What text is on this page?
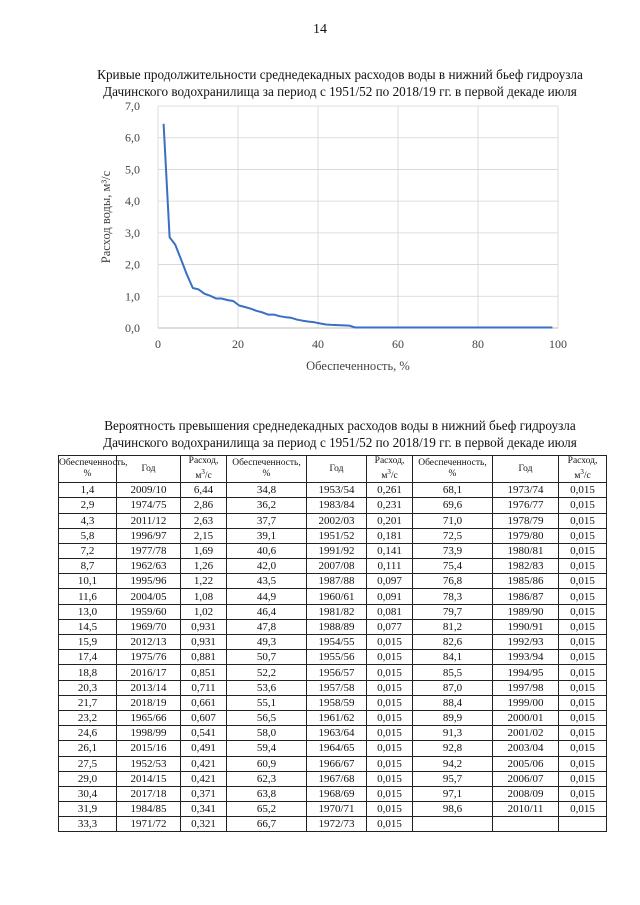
14
Кривые продолжительности среднедекадных расходов воды в нижний бьеф гидроузла
Дачинского водохранилища за период с 1951/52 по 2018/19 гг. в первой декаде июля
0	20	40	60	80	100
0,0
1,0
2,0
3,0
4,0
5,0
6,0
7,0
Обеспеченность, %
Расход воды, м³/с
Вероятность превышения среднедекадных расходов воды в нижний бьеф гидроузла
Дачинского водохранилища за период с 1951/52 по 2018/19 гг. в первой декаде июля
Обеспеченность,
%	Год	Расход,
$м^3/с$	Обеспеченность,
%	Год	Расход,
$м^3/с$	Обеспеченность,
%	Год	Расход,
$м^3/с$
1,4	2009/10	6,44	34,8	1953/54	0,261	68,1	1973/74	0,015
2,9	1974/75	2,86	36,2	1983/84	0,231	69,6	1976/77	0,015
4,3	2011/12	2,63	37,7	2002/03	0,201	71,0	1978/79	0,015
5,8	1996/97	2,15	39,1	1951/52	0,181	72,5	1979/80	0,015
7,2	1977/78	1,69	40,6	1991/92	0,141	73,9	1980/81	0,015
8,7	1962/63	1,26	42,0	2007/08	0,111	75,4	1982/83	0,015
10,1	1995/96	1,22	43,5	1987/88	0,097	76,8	1985/86	0,015
11,6	2004/05	1,08	44,9	1960/61	0,091	78,3	1986/87	0,015
13,0	1959/60	1,02	46,4	1981/82	0,081	79,7	1989/90	0,015
14,5	1969/70	0,931	47,8	1988/89	0,077	81,2	1990/91	0,015
15,9	2012/13	0,931	49,3	1954/55	0,015	82,6	1992/93	0,015
17,4	1975/76	0,881	50,7	1955/56	0,015	84,1	1993/94	0,015
18,8	2016/17	0,851	52,2	1956/57	0,015	85,5	1994/95	0,015
20,3	2013/14	0,711	53,6	1957/58	0,015	87,0	1997/98	0,015
21,7	2018/19	0,661	55,1	1958/59	0,015	88,4	1999/00	0,015
23,2	1965/66	0,607	56,5	1961/62	0,015	89,9	2000/01	0,015
24,6	1998/99	0,541	58,0	1963/64	0,015	91,3	2001/02	0,015
26,1	2015/16	0,491	59,4	1964/65	0,015	92,8	2003/04	0,015
27,5	1952/53	0,421	60,9	1966/67	0,015	94,2	2005/06	0,015
29,0	2014/15	0,421	62,3	1967/68	0,015	95,7	2006/07	0,015
30,4	2017/18	0,371	63,8	1968/69	0,015	97,1	2008/09	0,015
31,9	1984/85	0,341	65,2	1970/71	0,015	98,6	2010/11	0,015
33,3	1971/72	0,321	66,7	1972/73	0,015			
